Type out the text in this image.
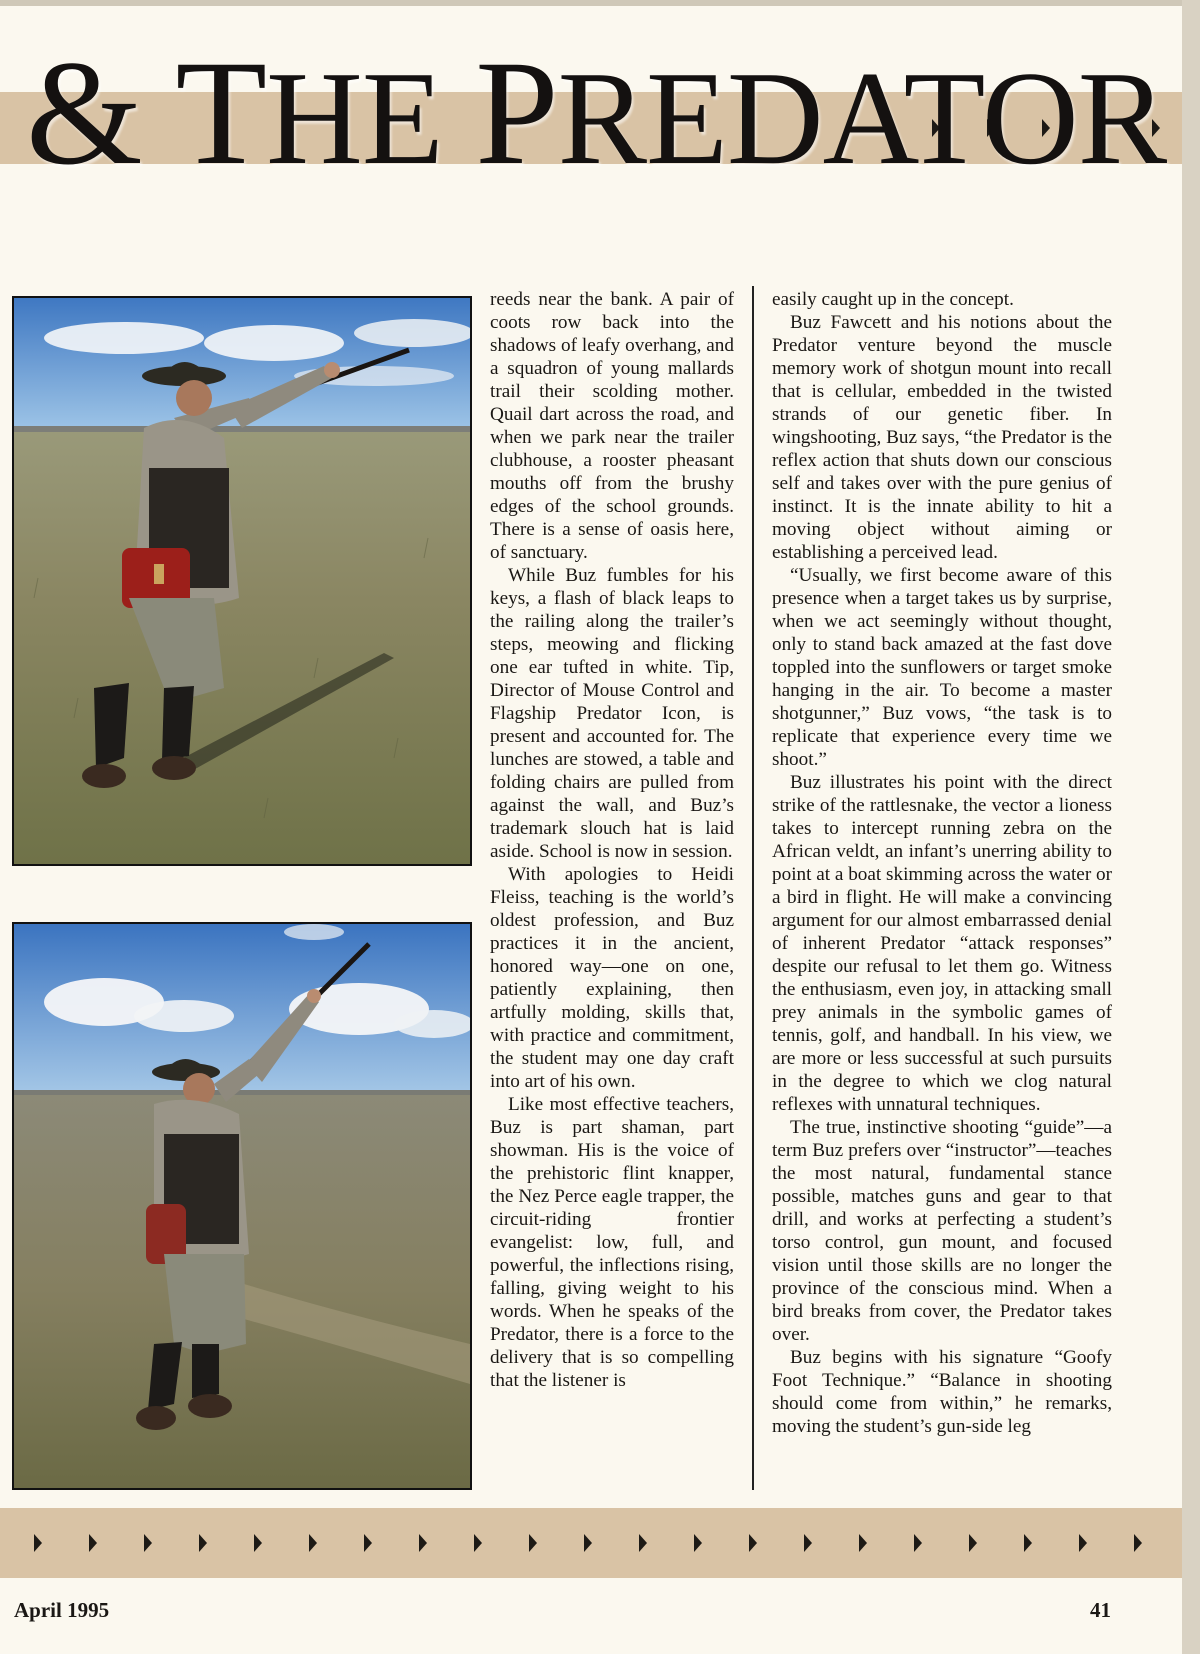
& THE PREDATOR

reeds near the bank. A pair of coots row back into the shadows of leafy overhang, and a squadron of young mallards trail their scolding mother. Quail dart across the road, and when we park near the trailer clubhouse, a rooster pheasant mouths off from the brushy edges of the school grounds. There is a sense of oasis here, of sanctuary.

While Buz fumbles for his keys, a flash of black leaps to the railing along the trailer’s steps, meowing and flicking one ear tufted in white. Tip, Director of Mouse Control and Flagship Predator Icon, is present and accounted for. The lunches are stowed, a table and folding chairs are pulled from against the wall, and Buz’s trademark slouch hat is laid aside. School is now in session.

With apologies to Heidi Fleiss, teaching is the world’s oldest profession, and Buz practices it in the ancient, honored way—one on one, patiently explaining, then artfully molding, skills that, with practice and commitment, the student may one day craft into art of his own.

Like most effective teachers, Buz is part shaman, part showman. His is the voice of the prehistoric flint knapper, the Nez Perce eagle trapper, the circuit-riding frontier evangelist: low, full, and powerful, the inflections rising, falling, giving weight to his words. When he speaks of the Predator, there is a force to the delivery that is so compelling that the listener is

easily caught up in the concept.

Buz Fawcett and his notions about the Predator venture beyond the muscle memory work of shotgun mount into recall that is cellular, embedded in the twisted strands of our genetic fiber. In wingshooting, Buz says, “the Predator is the reflex action that shuts down our conscious self and takes over with the pure genius of instinct. It is the innate ability to hit a moving object without aiming or establishing a perceived lead.

“Usually, we first become aware of this presence when a target takes us by surprise, when we act seemingly without thought, only to stand back amazed at the fast dove toppled into the sunflowers or target smoke hanging in the air. To become a master shotgunner,” Buz vows, “the task is to replicate that experience every time we shoot.”

Buz illustrates his point with the direct strike of the rattlesnake, the vector a lioness takes to intercept running zebra on the African veldt, an infant’s unerring ability to point at a boat skimming across the water or a bird in flight. He will make a convincing argument for our almost embarrassed denial of inherent Predator “attack responses” despite our refusal to let them go. Witness the enthusiasm, even joy, in attacking small prey animals in the symbolic games of tennis, golf, and handball. In his view, we are more or less successful at such pursuits in the degree to which we clog natural reflexes with unnatural techniques.

The true, instinctive shooting “guide”—a term Buz prefers over “instructor”—teaches the most natural, fundamental stance possible, matches guns and gear to that drill, and works at perfecting a student’s torso control, gun mount, and focused vision until those skills are no longer the province of the conscious mind. When a bird breaks from cover, the Predator takes over.

Buz begins with his signature “Goofy Foot Technique.” “Balance in shooting should come from within,” he remarks, moving the student’s gun-side leg

April 1995	41
